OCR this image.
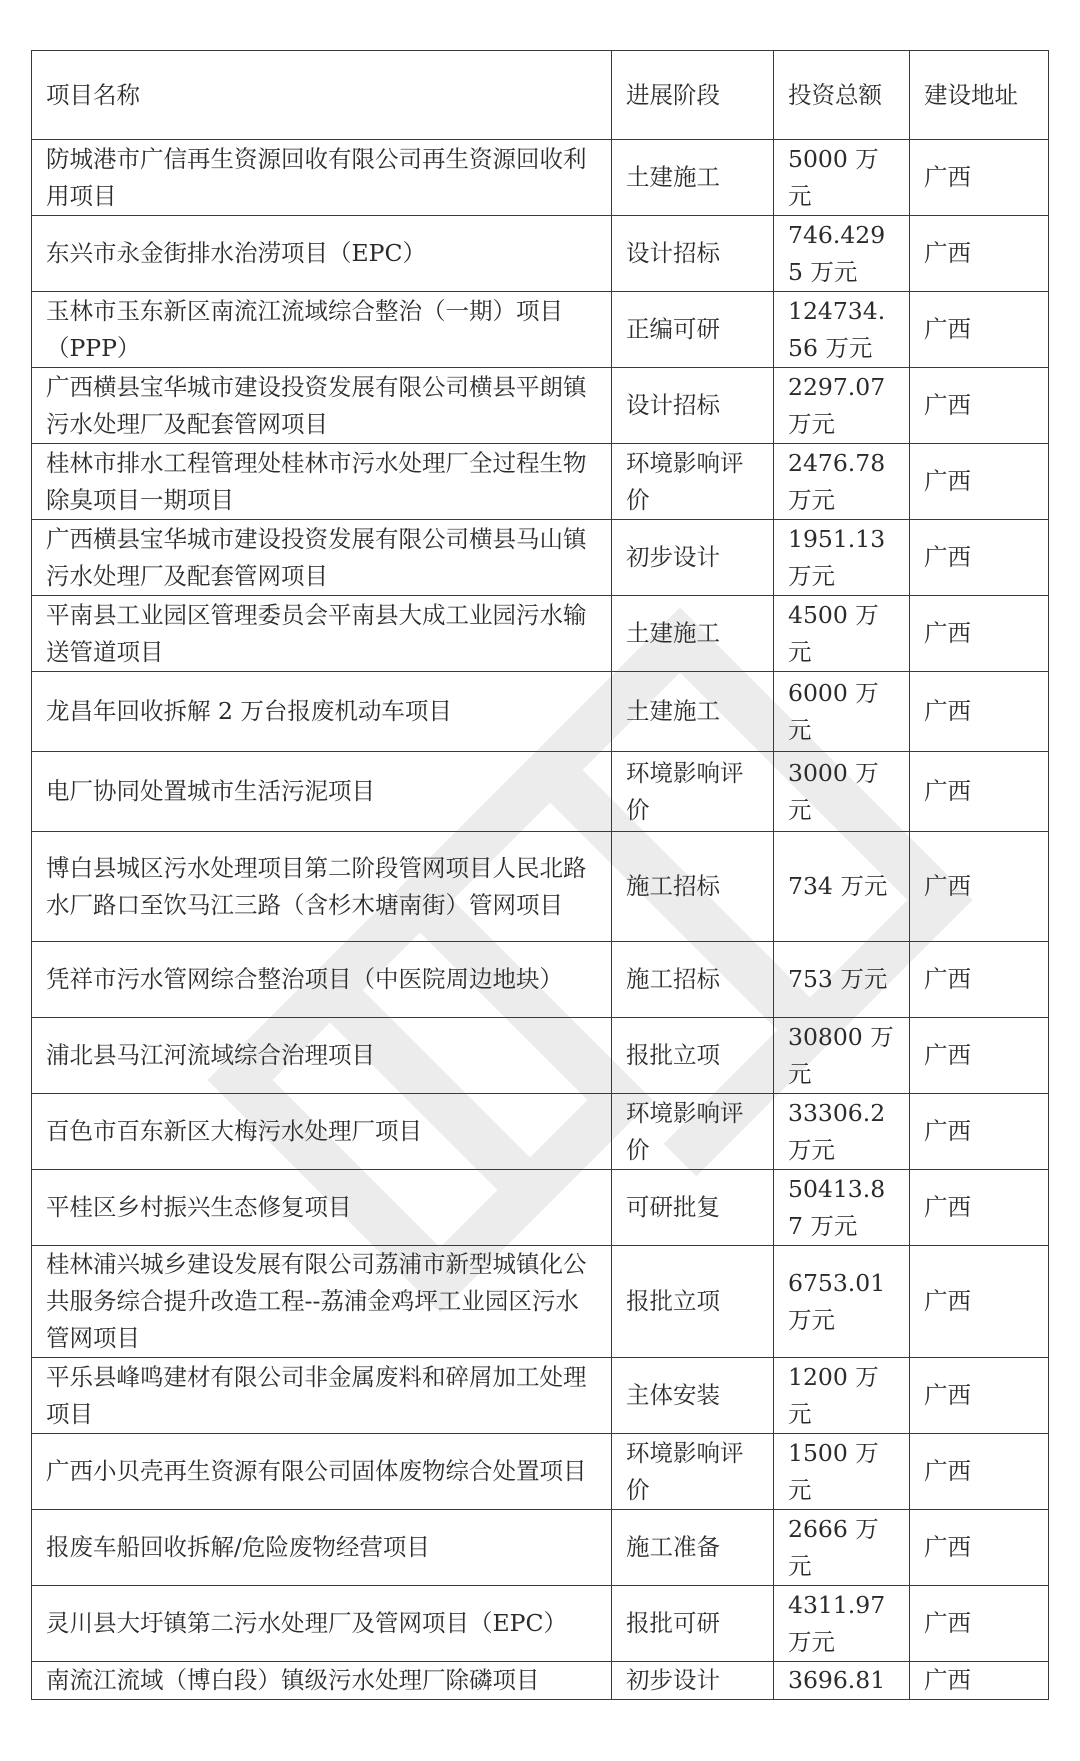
项目名称	进展阶段	投资总额	建设地址
防城港市广信再生资源回收有限公司再生资源回收利用项目	土建施工	5000 万元	广西
东兴市永金街排水治涝项目（EPC）	设计招标	746.4295 万元	广西
玉林市玉东新区南流江流域综合整治（一期）项目（PPP）	正编可研	124734.56 万元	广西
广西横县宝华城市建设投资发展有限公司横县平朗镇污水处理厂及配套管网项目	设计招标	2297.07 万元	广西
桂林市排水工程管理处桂林市污水处理厂全过程生物除臭项目一期项目	环境影响评价	2476.78 万元	广西
广西横县宝华城市建设投资发展有限公司横县马山镇污水处理厂及配套管网项目	初步设计	1951.13 万元	广西
平南县工业园区管理委员会平南县大成工业园污水输送管道项目	土建施工	4500 万元	广西
龙昌年回收拆解 2 万台报废机动车项目	土建施工	6000 万元	广西
电厂协同处置城市生活污泥项目	环境影响评价	3000 万元	广西
博白县城区污水处理项目第二阶段管网项目人民北路水厂路口至饮马江三路（含杉木塘南街）管网项目	施工招标	734 万元	广西
凭祥市污水管网综合整治项目（中医院周边地块）	施工招标	753 万元	广西
浦北县马江河流域综合治理项目	报批立项	30800 万元	广西
百色市百东新区大梅污水处理厂项目	环境影响评价	33306.2 万元	广西
平桂区乡村振兴生态修复项目	可研批复	50413.87 万元	广西
桂林浦兴城乡建设发展有限公司荔浦市新型城镇化公共服务综合提升改造工程--荔浦金鸡坪工业园区污水管网项目	报批立项	6753.01 万元	广西
平乐县峰鸣建材有限公司非金属废料和碎屑加工处理项目	主体安装	1200 万元	广西
广西小贝壳再生资源有限公司固体废物综合处置项目	环境影响评价	1500 万元	广西
报废车船回收拆解/危险废物经营项目	施工准备	2666 万元	广西
灵川县大圩镇第二污水处理厂及管网项目（EPC）	报批可研	4311.97 万元	广西
南流江流域（博白段）镇级污水处理厂除磷项目	初步设计	3696.81	广西
